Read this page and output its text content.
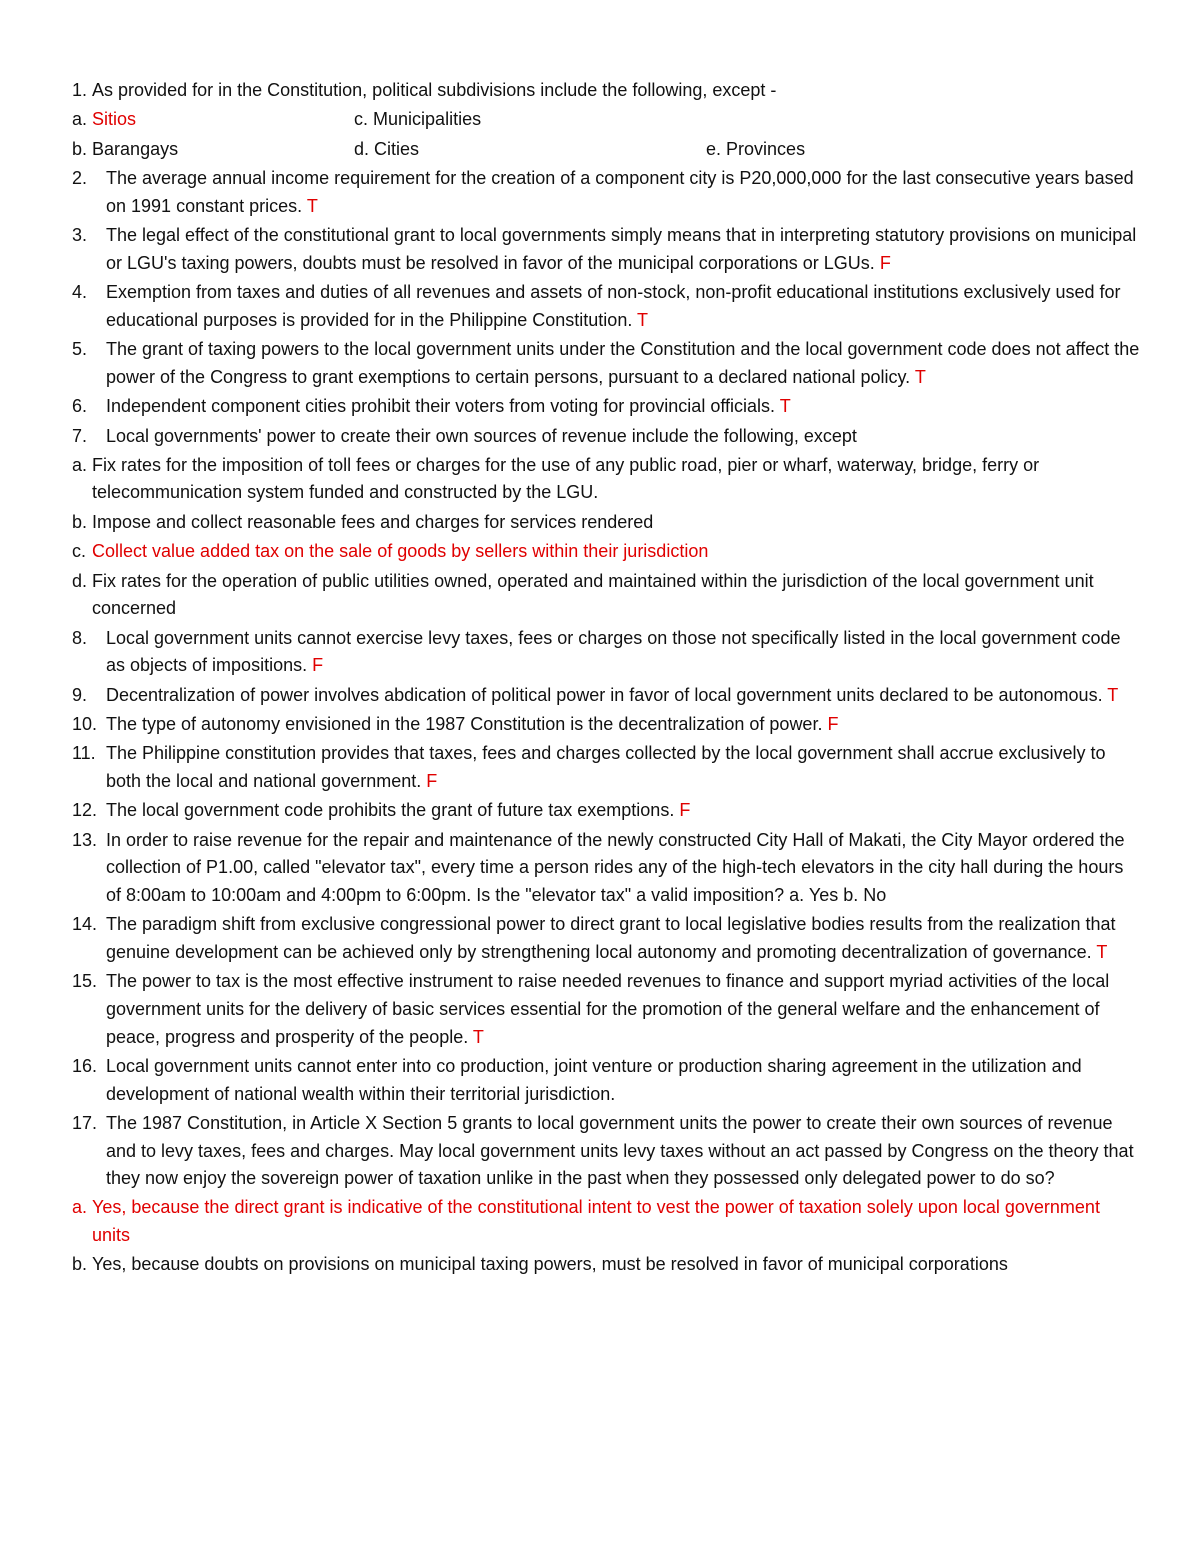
1. As provided for in the Constitution, political subdivisions include the following, except -
a. Sitios	c. Municipalities
b. Barangays	d. Cities	e. Provinces
2.	The average annual income requirement for the creation of a component city is P20,000,000 for the last consecutive years based on 1991 constant prices. T
3.	The legal effect of the constitutional grant to local governments simply means that in interpreting statutory provisions on municipal or LGU's taxing powers, doubts must be resolved in favor of the municipal corporations or LGUs. F
4.	Exemption from taxes and duties of all revenues and assets of non-stock, non-profit educational institutions exclusively used for educational purposes is provided for in the Philippine Constitution. T
5.	The grant of taxing powers to the local government units under the Constitution and the local government code does not affect the power of the Congress to grant exemptions to certain persons, pursuant to a declared national policy. T
6.	Independent component cities prohibit their voters from voting for provincial officials. T
7.	Local governments' power to create their own sources of revenue include the following, except
a. Fix rates for the imposition of toll fees or charges for the use of any public road, pier or wharf, waterway, bridge, ferry or telecommunication system funded and constructed by the LGU.
b. Impose and collect reasonable fees and charges for services rendered
c. Collect value added tax on the sale of goods by sellers within their jurisdiction
d. Fix rates for the operation of public utilities owned, operated and maintained within the jurisdiction of the local government unit concerned
8.	Local government units cannot exercise levy taxes, fees or charges on those not specifically listed in the local government code as objects of impositions. F
9.	Decentralization of power involves abdication of political power in favor of local government units declared to be autonomous. T
10. The type of autonomy envisioned in the 1987 Constitution is the decentralization of power. F
11. The Philippine constitution provides that taxes, fees and charges collected by the local government shall accrue exclusively to both the local and national government. F
12. The local government code prohibits the grant of future tax exemptions. F
13. In order to raise revenue for the repair and maintenance of the newly constructed City Hall of Makati, the City Mayor ordered the collection of P1.00, called "elevator tax", every time a person rides any of the high-tech elevators in the city hall during the hours of 8:00am to 10:00am and 4:00pm to 6:00pm. Is the "elevator tax" a valid imposition? a. Yes b. No
14. The paradigm shift from exclusive congressional power to direct grant to local legislative bodies results from the realization that genuine development can be achieved only by strengthening local autonomy and promoting decentralization of governance. T
15. The power to tax is the most effective instrument to raise needed revenues to finance and support myriad activities of the local government units for the delivery of basic services essential for the promotion of the general welfare and the enhancement of peace, progress and prosperity of the people. T
16. Local government units cannot enter into co production, joint venture or production sharing agreement in the utilization and development of national wealth within their territorial jurisdiction.
17. The 1987 Constitution, in Article X Section 5 grants to local government units the power to create their own sources of revenue and to levy taxes, fees and charges. May local government units levy taxes without an act passed by Congress on the theory that they now enjoy the sovereign power of taxation unlike in the past when they possessed only delegated power to do so?
a. Yes, because the direct grant is indicative of the constitutional intent to vest the power of taxation solely upon local government units
b. Yes, because doubts on provisions on municipal taxing powers, must be resolved in favor of municipal corporations
